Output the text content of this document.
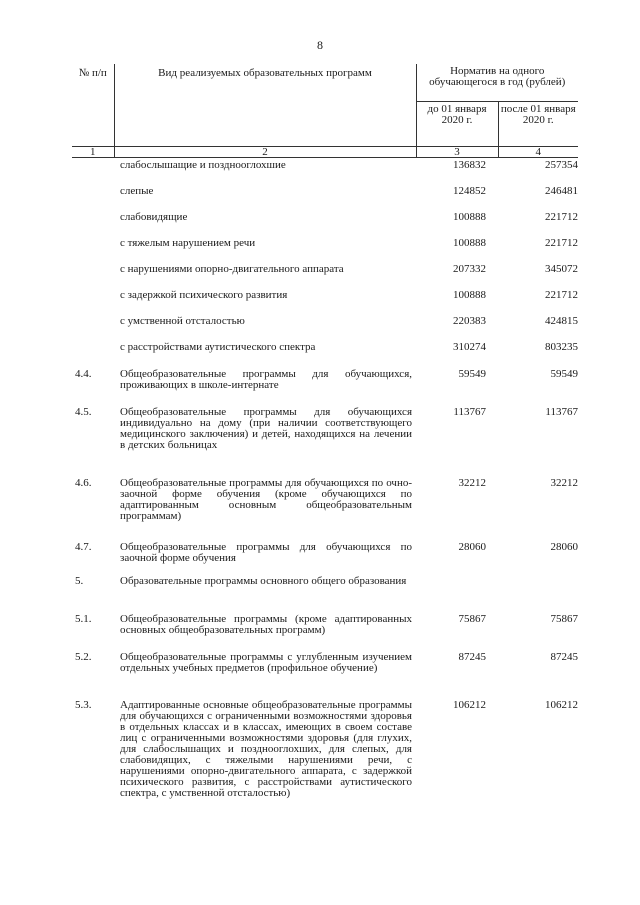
8
№ п/п	Вид реализуемых образовательных программ	Норматив на одного обучающегося в год (рублей)	
		до 01 января 2020 г.	после 01 января 2020 г.
1	2	3	4
	слабослышащие и позднооглохшие	136832	257354
	слепые	124852	246481
	слабовидящие	100888	221712
	с тяжелым нарушением речи	100888	221712
	с нарушениями опорно-двигательного аппарата	207332	345072
	с задержкой психического развития	100888	221712
	с умственной отсталостью	220383	424815
	с расстройствами аутистического спектра	310274	803235
4.4.	Общеобразовательные программы для обучающихся, проживающих в школе-интернате	59549	59549
4.5.	Общеобразовательные программы для обучающихся индивидуально на дому (при наличии соответствующего медицинского заключения) и детей, находящихся на лечении в детских больницах	113767	113767
4.6.	Общеобразовательные программы для обучающихся по очно-заочной форме обучения (кроме обучающихся по адаптированным основным общеобразовательным программам)	32212	32212
4.7.	Общеобразовательные программы для обучающихся по заочной форме обучения	28060	28060
5.	Образовательные программы основного общего образования		
5.1.	Общеобразовательные программы (кроме адаптированных основных общеобразовательных программ)	75867	75867
5.2.	Общеобразовательные программы с углубленным изучением отдельных учебных предметов (профильное обучение)	87245	87245
5.3.	Адаптированные основные общеобразовательные программы для обучающихся с ограниченными возможностями здоровья в отдельных классах и в классах, имеющих в своем составе лиц с ограниченными возможностями здоровья (для глухих, для слабослышащих и позднооглохших, для слепых, для слабовидящих, с тяжелыми нарушениями речи, с нарушениями опорно-двигательного аппарата, с задержкой психического развития, с расстройствами аутистического спектра, с умственной отсталостью)	106212	106212
